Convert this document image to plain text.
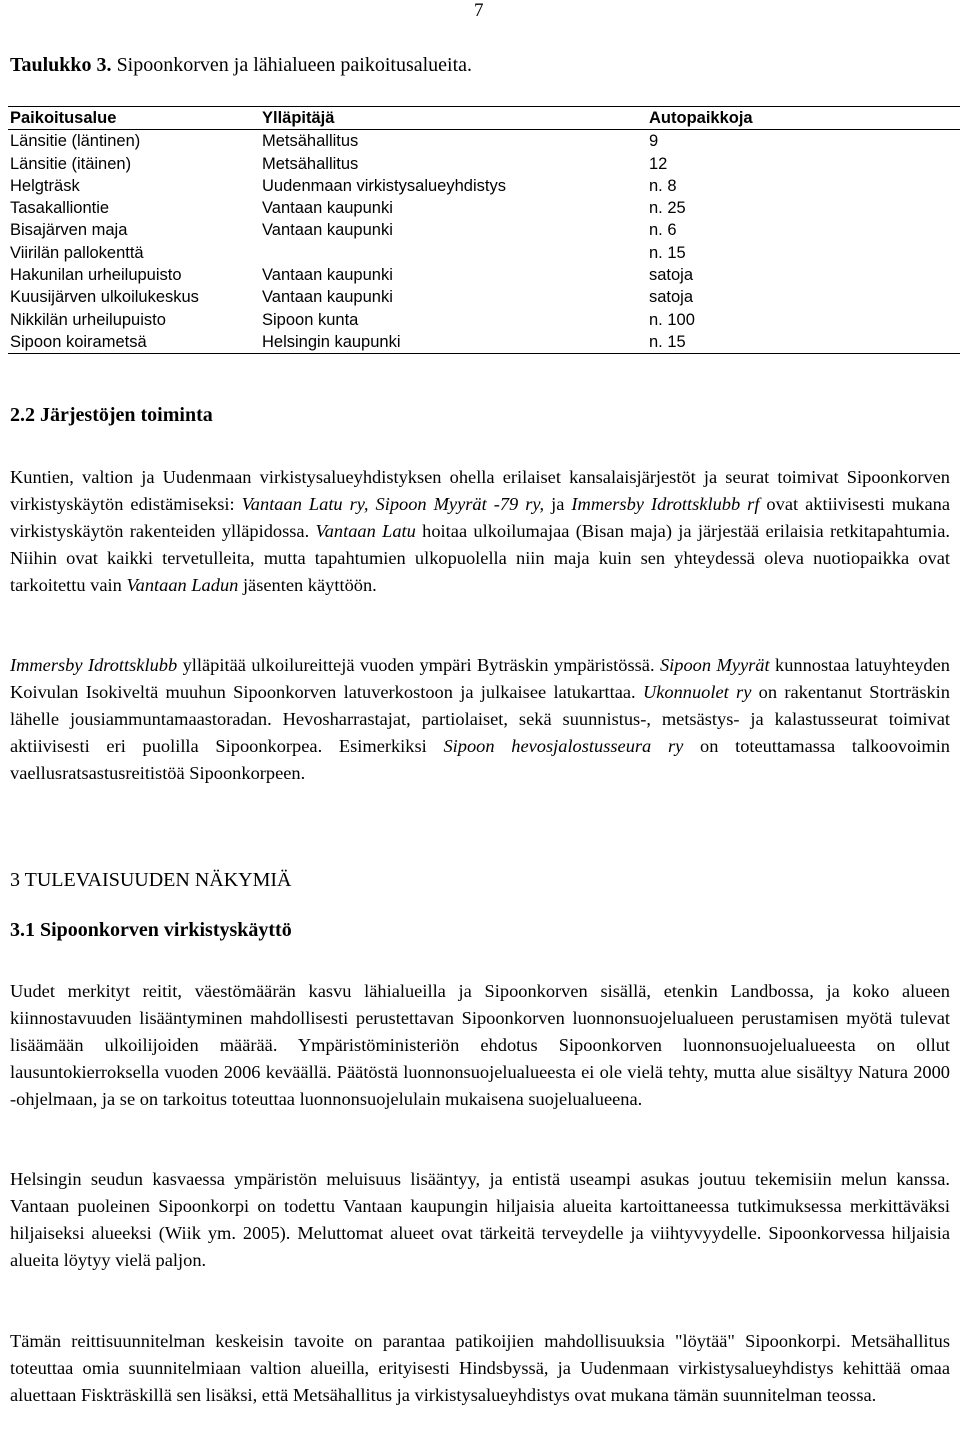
7
Taulukko 3. Sipoonkorven ja lähialueen paikoitusalueita.
Paikoitusalue	Ylläpitäjä	Autopaikkoja
Länsitie (läntinen)	Metsähallitus	9
Länsitie (itäinen)	Metsähallitus	12
Helgträsk	Uudenmaan virkistysalueyhdistys	n. 8
Tasakalliontie	Vantaan kaupunki	n. 25
Bisajärven maja	Vantaan kaupunki	n. 6
Viirilän pallokenttä		n. 15
Hakunilan urheilupuisto	Vantaan kaupunki	satoja
Kuusijärven ulkoilukeskus	Vantaan kaupunki	satoja
Nikkilän urheilupuisto	Sipoon kunta	n. 100
Sipoon koirametsä	Helsingin kaupunki	n. 15
2.2 Järjestöjen toiminta

Kuntien, valtion ja Uudenmaan virkistysalueyhdistyksen ohella erilaiset kansalaisjärjestöt ja seurat toimivat Sipoonkorven virkistyskäytön edistämiseksi: Vantaan Latu ry, Sipoon Myyrät -79 ry, ja Immersby Idrottsklubb rf ovat aktiivisesti mukana virkistyskäytön rakenteiden ylläpidossa. Vantaan Latu hoitaa ulkoilumajaa (Bisan maja) ja järjestää erilaisia retkitapahtumia. Niihin ovat kaikki tervetulleita, mutta tapahtumien ulkopuolella niin maja kuin sen yhteydessä oleva nuotiopaikka ovat tarkoitettu vain Vantaan Ladun jäsenten käyttöön.

Immersby Idrottsklubb ylläpitää ulkoilureittejä vuoden ympäri Byträskin ympäristössä. Sipoon Myyrät kunnostaa latuyhteyden Koivulan Isokiveltä muuhun Sipoonkorven latuverkostoon ja julkaisee latukarttaa. Ukonnuolet ry on rakentanut Storträskin lähelle jousiammuntamaastoradan. Hevosharrastajat, partiolaiset, sekä suunnistus-, metsästys- ja kalastusseurat toimivat aktiivisesti eri puolilla Sipoonkorpea. Esimerkiksi Sipoon hevosjalostusseura ry on toteuttamassa talkoovoimin vaellusratsastusreitistöä Sipoonkorpeen.

3 TULEVAISUUDEN NÄKYMIÄ
3.1 Sipoonkorven virkistyskäyttö

Uudet merkityt reitit, väestömäärän kasvu lähialueilla ja Sipoonkorven sisällä, etenkin Landbossa, ja koko alueen kiinnostavuuden lisääntyminen mahdollisesti perustettavan Sipoonkorven luonnonsuojelualueen perustamisen myötä tulevat lisäämään ulkoilijoiden määrää. Ympäristöministeriön ehdotus Sipoonkorven luonnonsuojelualueesta on ollut lausuntokierroksella vuoden 2006 keväällä. Päätöstä luonnonsuojelualueesta ei ole vielä tehty, mutta alue sisältyy Natura 2000 -ohjelmaan, ja se on tarkoitus toteuttaa luonnonsuojelulain mukaisena suojelualueena.

Helsingin seudun kasvaessa ympäristön meluisuus lisääntyy, ja entistä useampi asukas joutuu tekemisiin melun kanssa. Vantaan puoleinen Sipoonkorpi on todettu Vantaan kaupungin hiljaisia alueita kartoittaneessa tutkimuksessa merkittäväksi hiljaiseksi alueeksi (Wiik ym. 2005). Meluttomat alueet ovat tärkeitä terveydelle ja viihtyvyydelle. Sipoonkorvessa hiljaisia alueita löytyy vielä paljon.

Tämän reittisuunnitelman keskeisin tavoite on parantaa patikoijien mahdollisuuksia "löytää" Sipoonkorpi. Metsähallitus toteuttaa omia suunnitelmiaan valtion alueilla, erityisesti Hindsbyssä, ja Uudenmaan virkistysalueyhdistys kehittää omaa aluettaan Fiskträskillä sen lisäksi, että Metsähallitus ja virkistysalueyhdistys ovat mukana tämän suunnitelman teossa.
